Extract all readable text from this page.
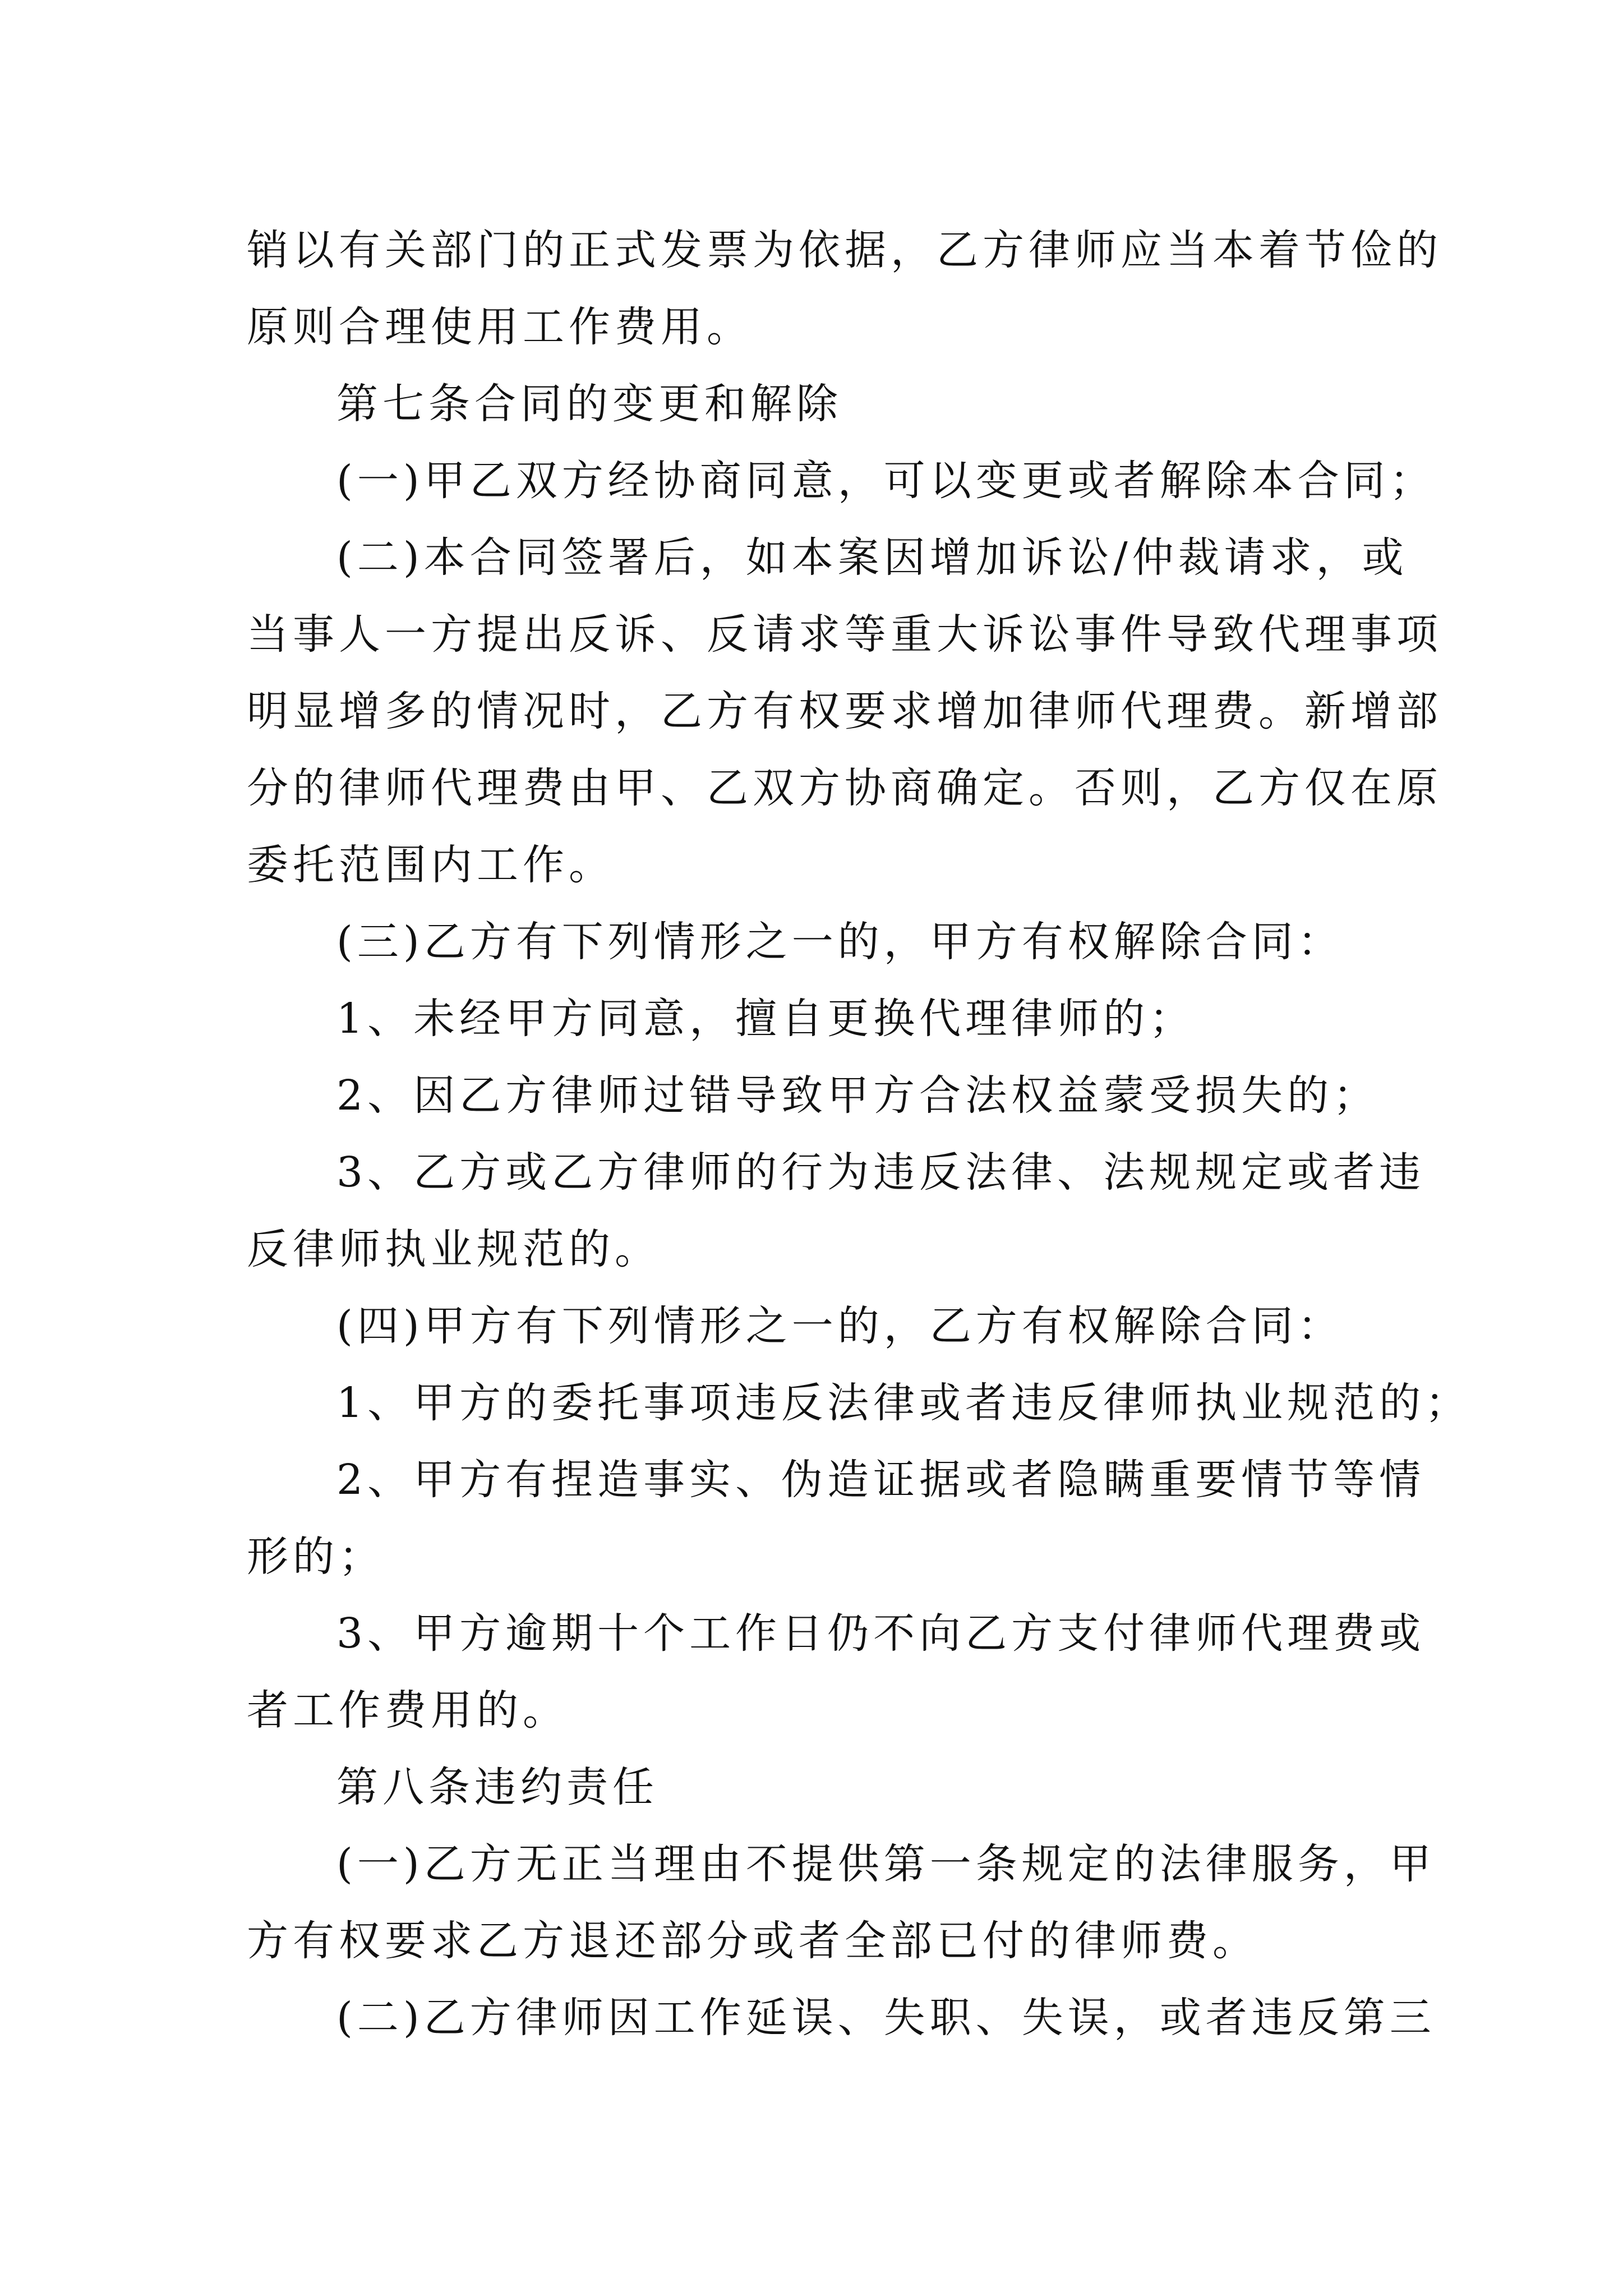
销以有关部门的正式发票为依据，乙方律师应当本着节俭的
原则合理使用工作费用。
第七条合同的变更和解除
(一)甲乙双方经协商同意，可以变更或者解除本合同；
(二)本合同签署后，如本案因增加诉讼/仲裁请求，或
当事人一方提出反诉、反请求等重大诉讼事件导致代理事项
明显增多的情况时，乙方有权要求增加律师代理费。新增部
分的律师代理费由甲、乙双方协商确定。否则，乙方仅在原
委托范围内工作。
(三)乙方有下列情形之一的，甲方有权解除合同：
1、未经甲方同意，擅自更换代理律师的；
2、因乙方律师过错导致甲方合法权益蒙受损失的；
3、乙方或乙方律师的行为违反法律、法规规定或者违
反律师执业规范的。
(四)甲方有下列情形之一的，乙方有权解除合同：
1、甲方的委托事项违反法律或者违反律师执业规范的；
2、甲方有捏造事实、伪造证据或者隐瞒重要情节等情
形的；
3、甲方逾期十个工作日仍不向乙方支付律师代理费或
者工作费用的。
第八条违约责任
(一)乙方无正当理由不提供第一条规定的法律服务，甲
方有权要求乙方退还部分或者全部已付的律师费。
(二)乙方律师因工作延误、失职、失误，或者违反第三
